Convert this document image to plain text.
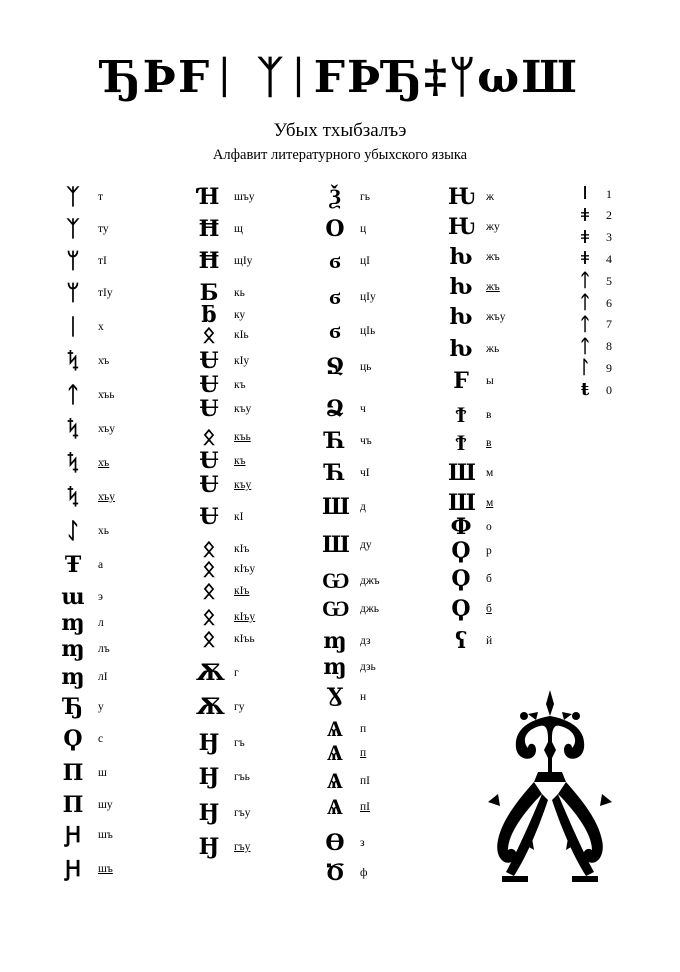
ЂϷϜᛁ ᛉᛁϜϷЂ‡ᛘωШ
Убых тхыбзалъэ
Алфавит литературного убыхского языка
ᛉ	т
ᛉ	ту
ᛘ	тI
ᛘ	тIу
ᛁ	х
ᛪ	хъ
ᛏ	хъь
ᛪ	хъу
ᛪ	хъ
ᛪ	хъу
ᛇ	хь
Ŧ	а
ɯ э
ɱ л
ɱ лъ
ɱ лI
Ђ у
Ϙ с
Π ш
Π шу
Ԩ	шъ
Ԩ	шъ
Ɦ шъу
Ħ щ
Ħ щIу
Ƃ	кь
ƃ	ку
ᛟ	кIь
Ʉ кIу
Ʉ къ
Ʉ къу
ᛟ	къь
Ʉ къ
Ʉ къу
Ʉ кI
ᛟ	кIъ
ᛟ	кIъу
ᛟ	кIъ
ᛟ	кIъу
ᛟ	кIъь
Ѫ г
Ѫ гу
Ӈ гъ
Ӈ гъь
Ӈ гъу
Ӈ гъу
Ѯ	гь
Ο ц
ϭ	цI
ϭ	цIу
ϭ	цIь
Ջ	ць
Ձ	ч
Ћ чъ
Ћ чI
Ш д
Ш ду
Ѡ джъ
Ѡ джь
ɱ дз
ɱ дзь
Ɣ	н
Ѧ	п
Ѧ	п
Ѧ	пI
Ѧ	пI
Ѳ з
Ծ ф
Ƕ ж
Ƕ жу
ƕ жъ
ƕ жъ
ƕ жъу
ƕ жь
Ϝ	ы
Ϯ	в
Ϯ	в
Ш м
Ш м
Ф о
Ϙ р
Ϙ б
Ϙ б
ʕ	й
ǀ	1
ǂ	2
ǂ	3
ǂ	4
ᛏ 5
ᛏ 6
ᛏ 7
ᛏ 8
ᛚ 9
ŧ	0
